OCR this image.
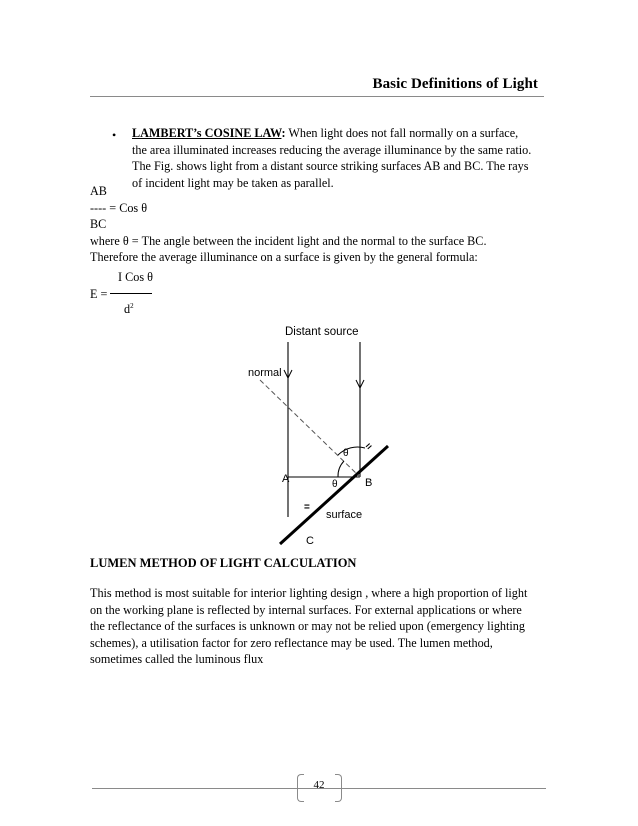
Basic Definitions of Light
• LAMBERT’s COSINE LAW: When light does not fall normally on a surface,
the area illuminated increases reducing the average illuminance by the same ratio.
The Fig. shows light from a distant source striking surfaces AB and BC. The rays
of incident light may be taken as parallel.
AB
---- = Cos θ
BC
where θ = The angle between the incident light and the normal to the surface BC.
Therefore the average illuminance on a surface is given by the general formula:
I Cos θ
E =
$d^2$
Distant source
normal
θ
θ
=
=
A	B
C
surface
LUMEN METHOD OF LIGHT CALCULATION
This method is most suitable for interior lighting design , where a high proportion of light
on the working plane is reflected by internal surfaces. For external applications or where
the reflectance of the surfaces is unknown or may not be relied upon (emergency lighting
schemes), a utilisation factor for zero reflectance may be used. The lumen method,
sometimes called the luminous flux
42
